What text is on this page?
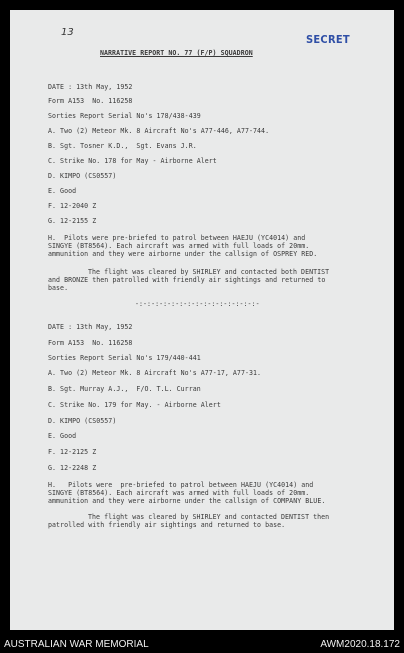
13
SECRET
NARRATIVE REPORT NO. 77 (F/P) SQUADRON
DATE : 13th May, 1952
Form A153  No. 116258
Sorties Report Serial No's 178/438-439
A. Two (2) Meteor Mk. 8 Aircraft No's A77-446, A77-744.
B. Sgt. Tosner K.D.,  Sgt. Evans J.R.
C. Strike No. 178 for May - Airborne Alert
D. KIMPO (CS0557)
E. Good
F. 12-2040 Z
G. 12-2155 Z
H.  Pilots were pre-briefed to patrol between HAEJU (YC4014) and
SINGYE (BT8564). Each aircraft was armed with full loads of 20mm.
ammunition and they were airborne under the callsign of OSPREY RED.
The flight was cleared by SHIRLEY and contacted both DENTIST
and BRONZE then patrolled with friendly air sightings and returned to
base.
-:-:-:-:-:-:-:-:-:-:-:-:-:-:-:-
DATE : 13th May, 1952
Form A153  No. 116258
Sorties Report Serial No's 179/440-441
A. Two (2) Meteor Mk. 8 Aircraft No's A77-17, A77-31.
B. Sgt. Murray A.J.,  F/O. T.L. Curran
C. Strike No. 179 for May. - Airborne Alert
D. KIMPO (CS0557)
E. Good
F. 12-2125 Z
G. 12-2248 Z
H.   Pilots were  pre-briefed to patrol between HAEJU (YC4014) and
SINGYE (BT8564). Each aircraft was armed with full loads of 20mm.
ammunition and they were airborne under the callsign of COMPANY BLUE.
The flight was cleared by SHIRLEY and contacted DENTIST then
patrolled with friendly air sightings and returned to base.
AUSTRALIAN WAR MEMORIAL	AWM2020.18.172
